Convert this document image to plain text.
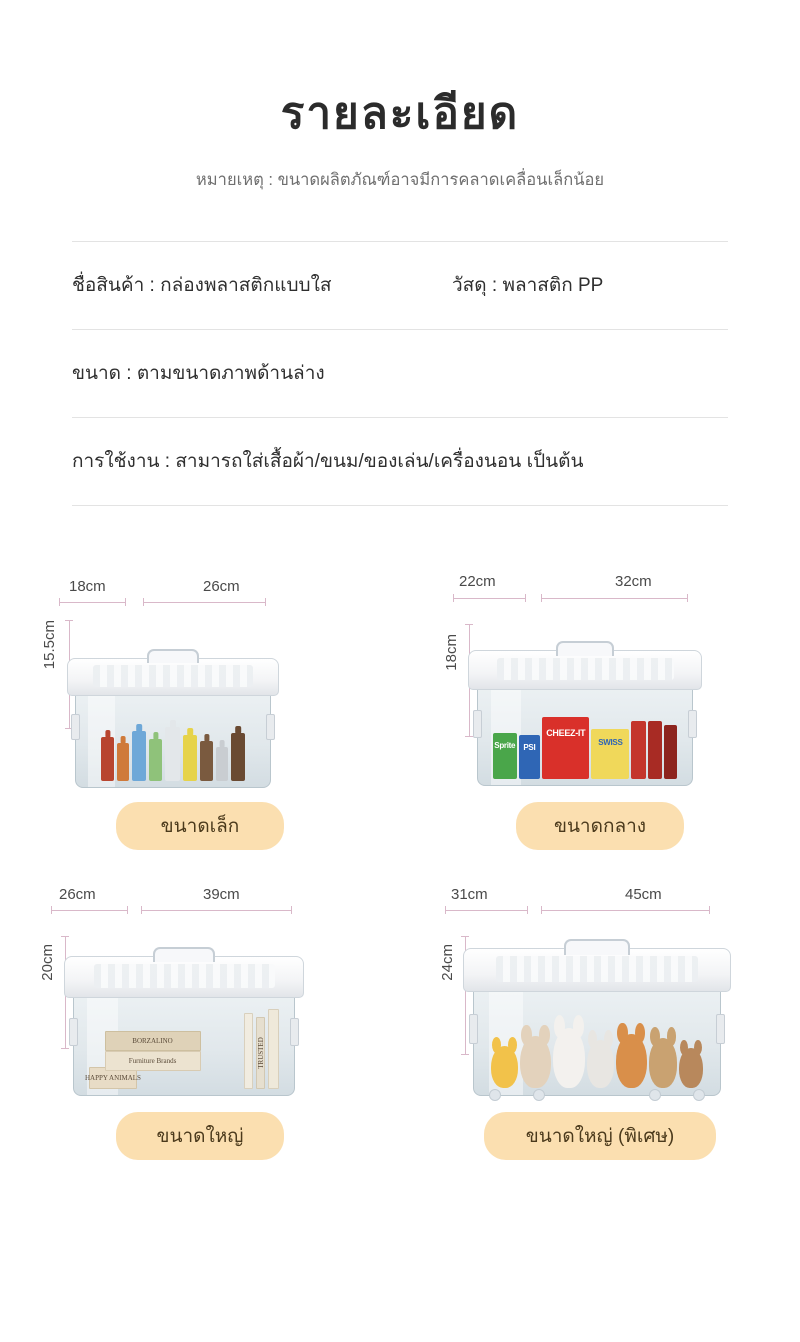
รายละเอียด
หมายเหตุ : ขนาดผลิตภัณฑ์อาจมีการคลาดเคลื่อนเล็กน้อย
ชื่อสินค้า : กล่องพลาสติกแบบใส	วัสดุ : พลาสติก PP
ขนาด : ตามขนาดภาพด้านล่าง
การใช้งาน : สามารถใส่เสื้อผ้า/ขนม/ของเล่น/เครื่องนอน เป็นต้น
18cm	26cm
15.5cm
ขนาดเล็ก
22cm	32cm
18cm
Sprite	PSI
CHEEZ-IT
SWISS
ขนาดกลาง
26cm	39cm
20cm
HAPPY ANIMALS
BORZALINO
Furniture Brands	TRUSTED
ขนาดใหญ่
31cm	45cm
24cm
ขนาดใหญ่ (พิเศษ)
